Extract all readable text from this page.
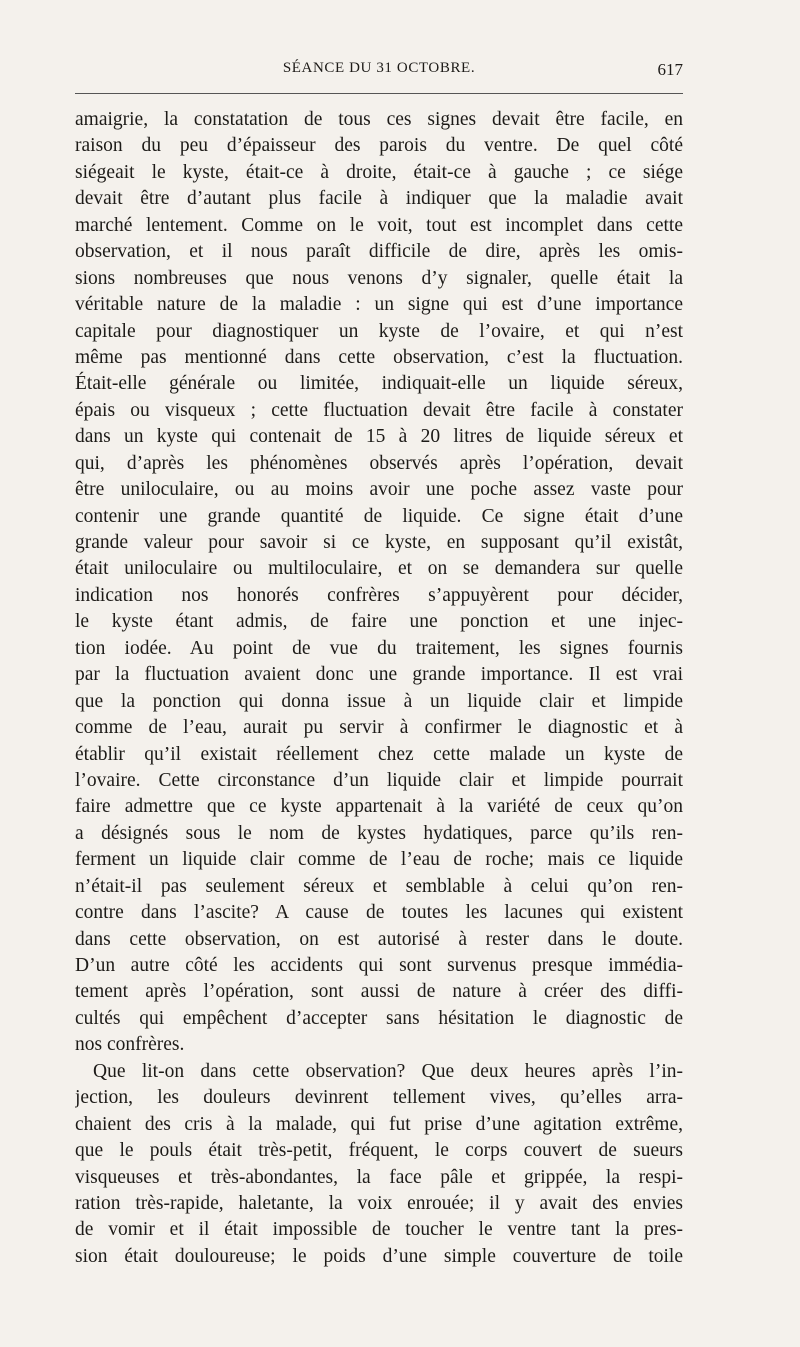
SÉANCE DU 31 OCTOBRE.	617
amaigrie, la constatation de tous ces signes devait être facile, en
raison du peu d’épaisseur des parois du ventre. De quel côté
siégeait le kyste, était-ce à droite, était-ce à gauche ; ce siége
devait être d’autant plus facile à indiquer que la maladie avait
marché lentement. Comme on le voit, tout est incomplet dans cette
observation, et il nous paraît difficile de dire, après les omis-
sions nombreuses que nous venons d’y signaler, quelle était la
véritable nature de la maladie : un signe qui est d’une importance
capitale pour diagnostiquer un kyste de l’ovaire, et qui n’est
même pas mentionné dans cette observation, c’est la fluctuation.
Était-elle générale ou limitée, indiquait-elle un liquide séreux,
épais ou visqueux ; cette fluctuation devait être facile à constater
dans un kyste qui contenait de 15 à 20 litres de liquide séreux et
qui, d’après les phénomènes observés après l’opération, devait
être uniloculaire, ou au moins avoir une poche assez vaste pour
contenir une grande quantité de liquide. Ce signe était d’une
grande valeur pour savoir si ce kyste, en supposant qu’il existât,
était uniloculaire ou multiloculaire, et on se demandera sur quelle
indication nos honorés confrères s’appuyèrent pour décider,
le kyste étant admis, de faire une ponction et une injec-
tion iodée. Au point de vue du traitement, les signes fournis
par la fluctuation avaient donc une grande importance. Il est vrai
que la ponction qui donna issue à un liquide clair et limpide
comme de l’eau, aurait pu servir à confirmer le diagnostic et à
établir qu’il existait réellement chez cette malade un kyste de
l’ovaire. Cette circonstance d’un liquide clair et limpide pourrait
faire admettre que ce kyste appartenait à la variété de ceux qu’on
a désignés sous le nom de kystes hydatiques, parce qu’ils ren-
ferment un liquide clair comme de l’eau de roche; mais ce liquide
n’était-il pas seulement séreux et semblable à celui qu’on ren-
contre dans l’ascite? A cause de toutes les lacunes qui existent
dans cette observation, on est autorisé à rester dans le doute.
D’un autre côté les accidents qui sont survenus presque immédia-
tement après l’opération, sont aussi de nature à créer des diffi-
cultés qui empêchent d’accepter sans hésitation le diagnostic de
nos confrères.
Que lit-on dans cette observation? Que deux heures après l’in-
jection, les douleurs devinrent tellement vives, qu’elles arra-
chaient des cris à la malade, qui fut prise d’une agitation extrême,
que le pouls était très-petit, fréquent, le corps couvert de sueurs
visqueuses et très-abondantes, la face pâle et grippée, la respi-
ration très-rapide, haletante, la voix enrouée; il y avait des envies
de vomir et il était impossible de toucher le ventre tant la pres-
sion était douloureuse; le poids d’une simple couverture de toile
